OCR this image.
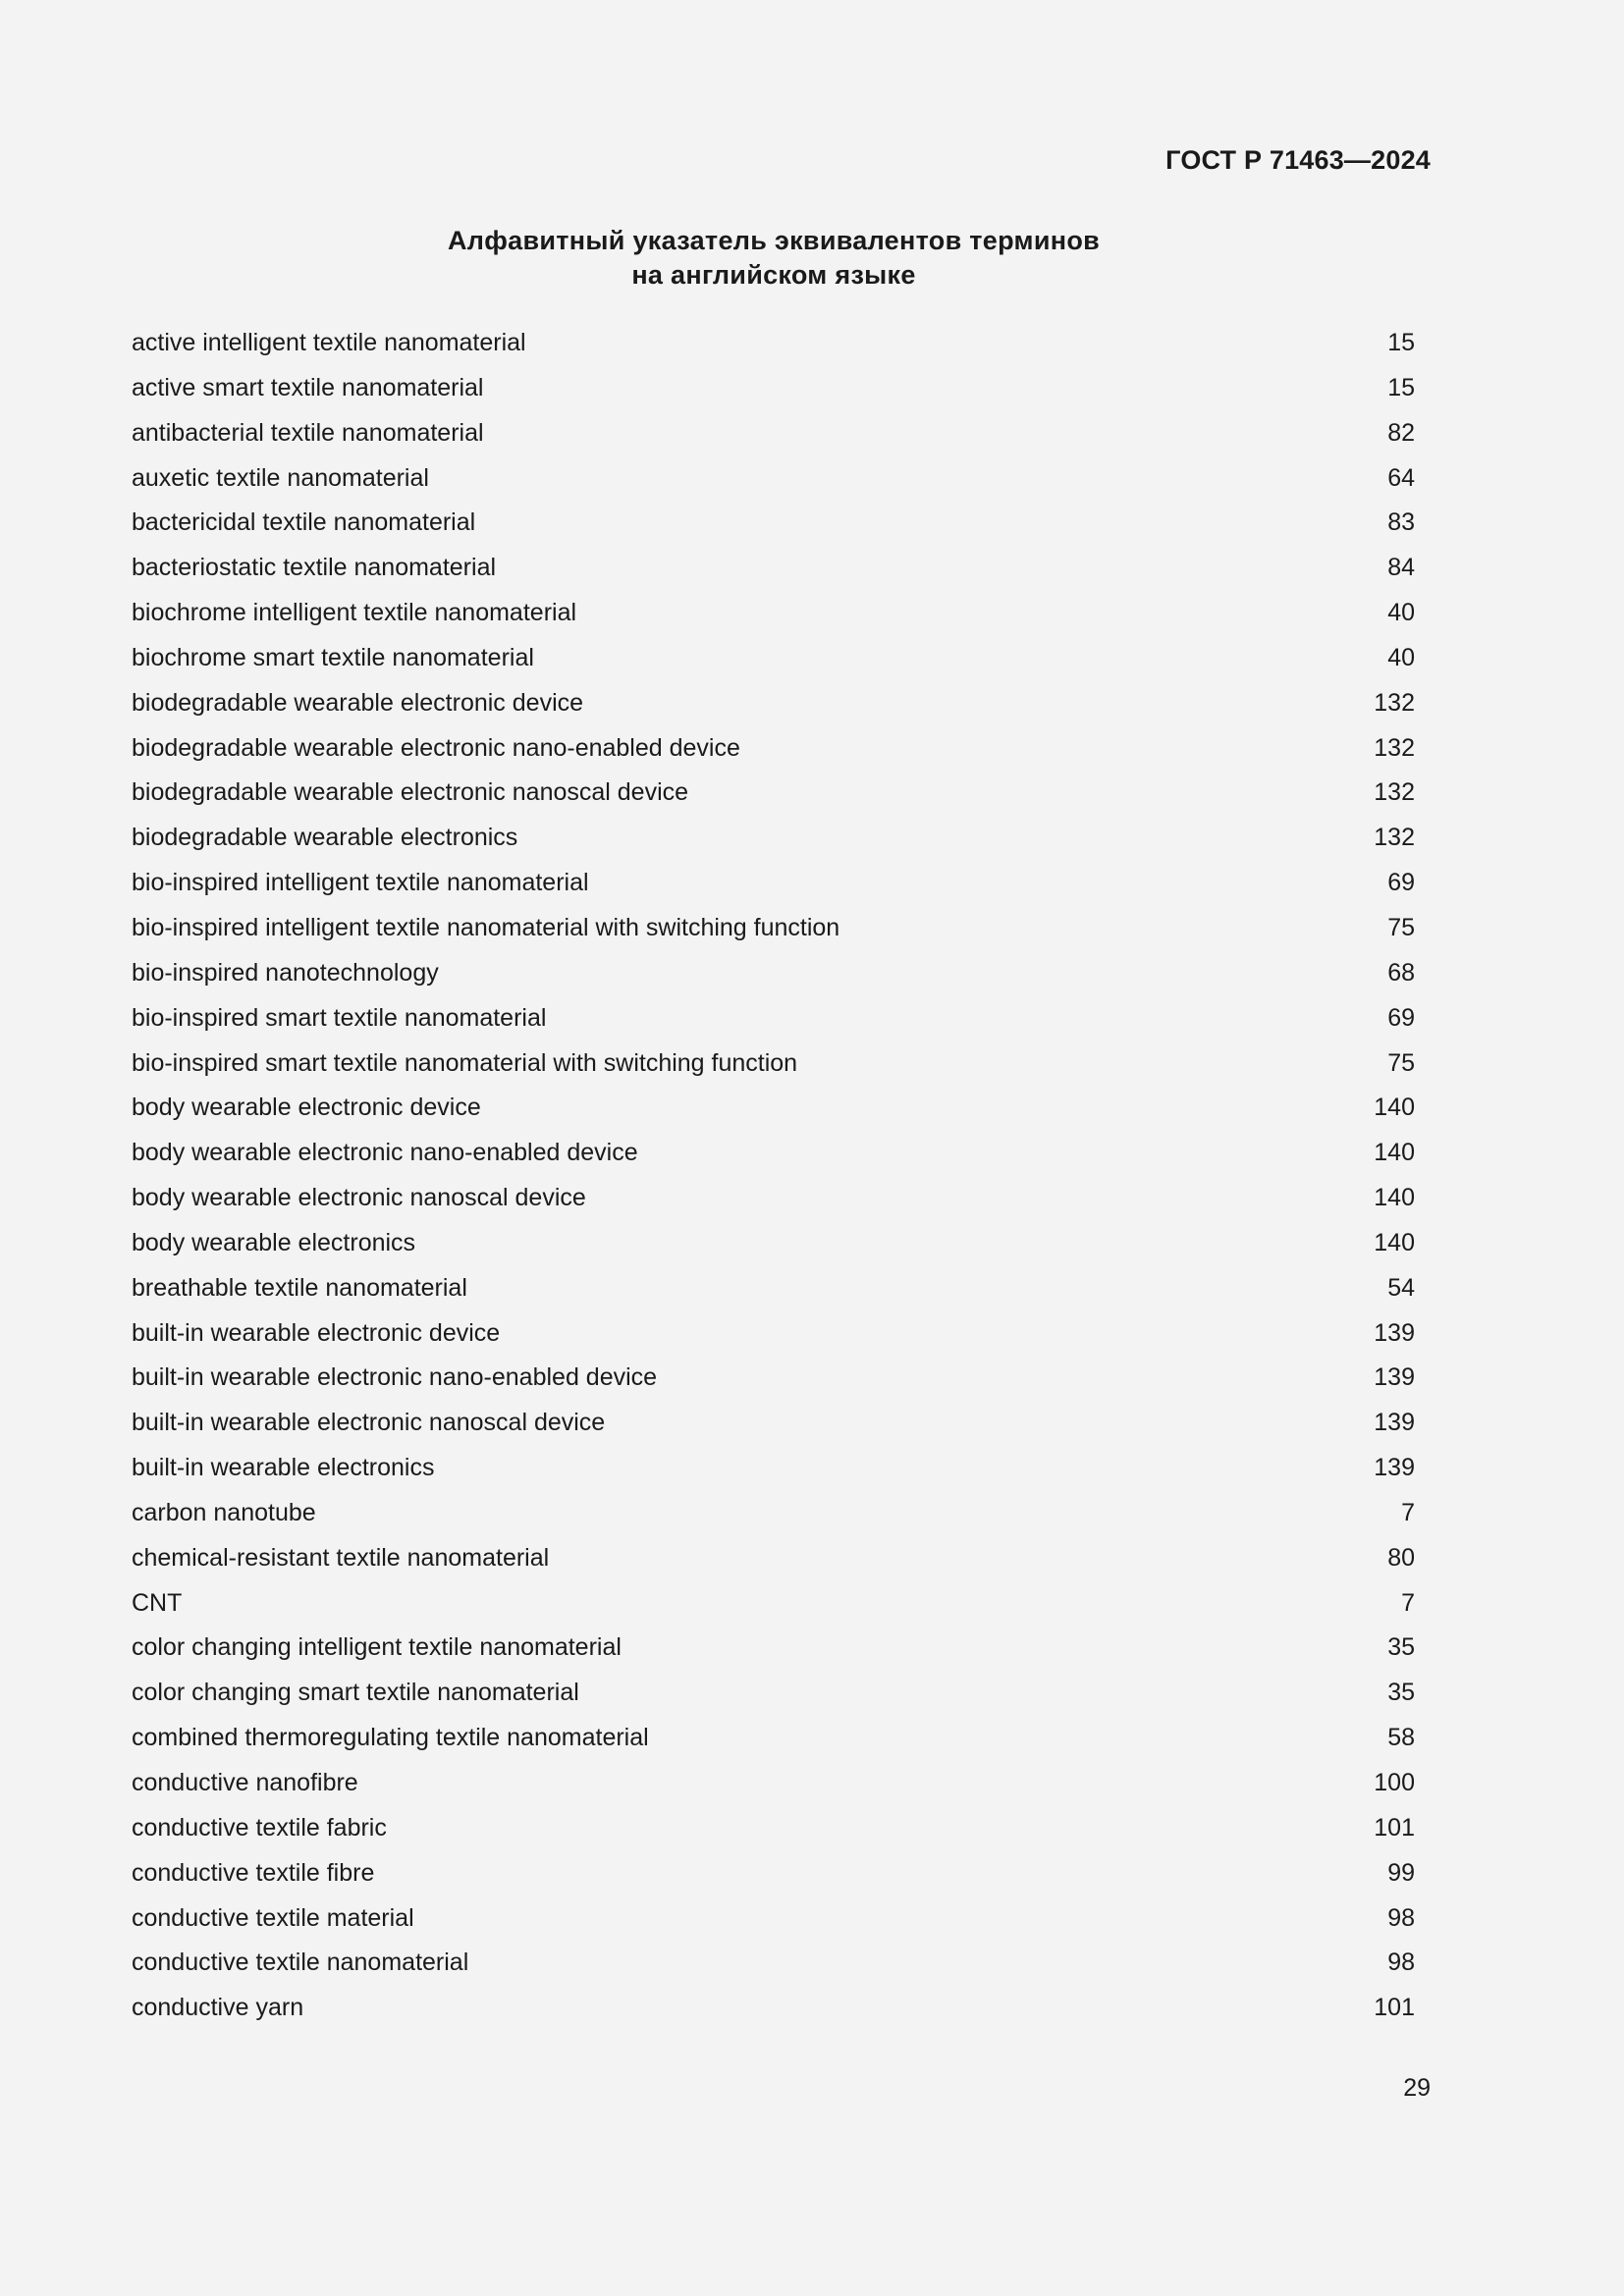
ГОСТ Р 71463—2024

Алфавитный указатель эквивалентов терминов
на английском языке
active intelligent textile nanomaterial	15
active smart textile nanomaterial	15
antibacterial textile nanomaterial	82
auxetic textile nanomaterial	64
bactericidal textile nanomaterial	83
bacteriostatic textile nanomaterial	84
biochrome intelligent textile nanomaterial	40
biochrome smart textile nanomaterial	40
biodegradable wearable electronic device	132
biodegradable wearable electronic nano-enabled device	132
biodegradable wearable electronic nanoscal device	132
biodegradable wearable electronics	132
bio-inspired intelligent textile nanomaterial	69
bio-inspired intelligent textile nanomaterial with switching function	75
bio-inspired nanotechnology	68
bio-inspired smart textile nanomaterial	69
bio-inspired smart textile nanomaterial with switching function	75
body wearable electronic device	140
body wearable electronic nano-enabled device	140
body wearable electronic nanoscal device	140
body wearable electronics	140
breathable textile nanomaterial	54
built-in wearable electronic device	139
built-in wearable electronic nano-enabled device	139
built-in wearable electronic nanoscal device	139
built-in wearable electronics	139
carbon nanotube	7
chemical-resistant textile nanomaterial	80
CNT	7
color changing intelligent textile nanomaterial	35
color changing smart textile nanomaterial	35
combined thermoregulating textile nanomaterial	58
conductive nanofibre	100
conductive textile fabric	101
conductive textile fibre	99
conductive textile material	98
conductive textile nanomaterial	98
conductive yarn	101

29
